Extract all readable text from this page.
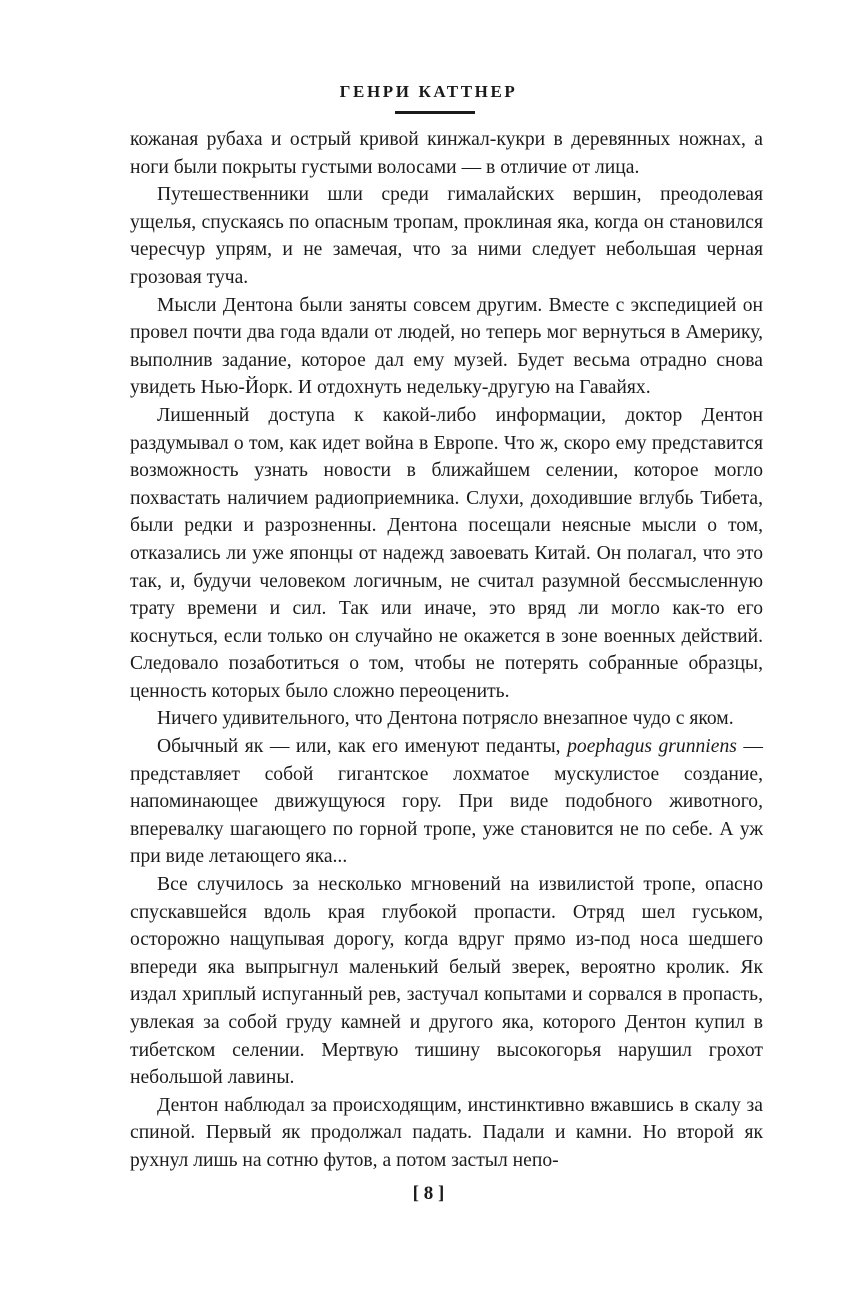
ГЕНРИ КАТТНЕР

кожаная рубаха и острый кривой кинжал-кукри в деревянных ножнах, а ноги были покрыты густыми волосами — в отличие от лица.

Путешественники шли среди гималайских вершин, преодолевая ущелья, спускаясь по опасным тропам, проклиная яка, когда он становился чересчур упрям, и не замечая, что за ними следует небольшая черная грозовая туча.

Мысли Дентона были заняты совсем другим. Вместе с экспедицией он провел почти два года вдали от людей, но теперь мог вернуться в Америку, выполнив задание, которое дал ему музей. Будет весьма отрадно снова увидеть Нью-Йорк. И отдохнуть недельку-другую на Гавайях.

Лишенный доступа к какой-либо информации, доктор Дентон раздумывал о том, как идет война в Европе. Что ж, скоро ему представится возможность узнать новости в ближайшем селении, которое могло похвастать наличием радиоприемника. Слухи, доходившие вглубь Тибета, были редки и разрозненны. Дентона посещали неясные мысли о том, отказались ли уже японцы от надежд завоевать Китай. Он полагал, что это так, и, будучи человеком логичным, не считал разумной бессмысленную трату времени и сил. Так или иначе, это вряд ли могло как-то его коснуться, если только он случайно не окажется в зоне военных действий. Следовало позаботиться о том, чтобы не потерять собранные образцы, ценность которых было сложно переоценить.

Ничего удивительного, что Дентона потрясло внезапное чудо с яком.

Обычный як — или, как его именуют педанты, poephagus grunniens — представляет собой гигантское лохматое мускулистое создание, напоминающее движущуюся гору. При виде подобного животного, вперевалку шагающего по горной тропе, уже становится не по себе. А уж при виде летающего яка...

Все случилось за несколько мгновений на извилистой тропе, опасно спускавшейся вдоль края глубокой пропасти. Отряд шел гуськом, осторожно нащупывая дорогу, когда вдруг прямо из-под носа шедшего впереди яка выпрыгнул маленький белый зверек, вероятно кролик. Як издал хриплый испуганный рев, застучал копытами и сорвался в пропасть, увлекая за собой груду камней и другого яка, которого Дентон купил в тибетском селении. Мертвую тишину высокогорья нарушил грохот небольшой лавины.

Дентон наблюдал за происходящим, инстинктивно вжавшись в скалу за спиной. Первый як продолжал падать. Падали и камни. Но второй як рухнул лишь на сотню футов, а потом застыл непо-

[ 8 ]
